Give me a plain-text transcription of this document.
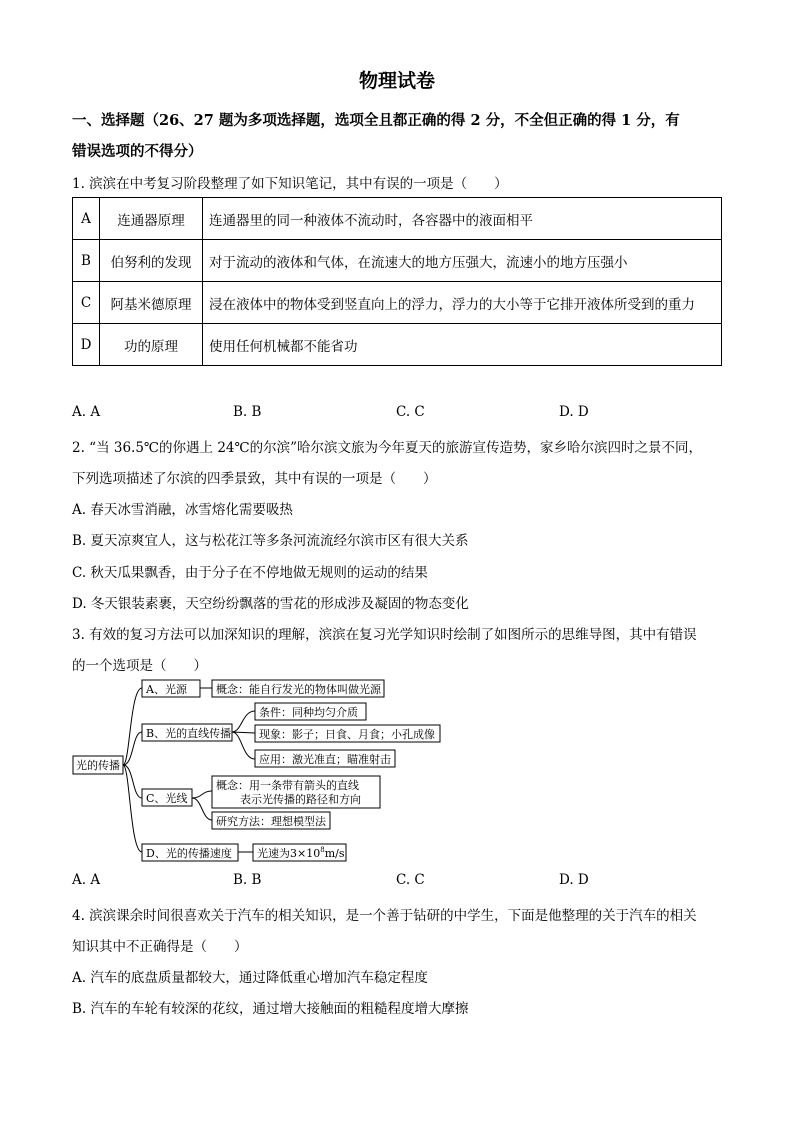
物理试卷
一、选择题（26、27 题为多项选择题，选项全且都正确的得 2 分，不全但正确的得 1 分，有
错误选项的不得分）
1. 滨滨在中考复习阶段整理了如下知识笔记，其中有误的一项是（　　）
A	连通器原理	连通器里的同一种液体不流动时，各容器中的液面相平
B	伯努利的发现	对于流动的液体和气体，在流速大的地方压强大，流速小的地方压强小
C	阿基米德原理	浸在液体中的物体受到竖直向上的浮力，浮力的大小等于它排开液体所受到的重力
D	功的原理	使用任何机械都不能省功
A. A	B. B	C. C	D. D
2. “当 36.5℃的你遇上 24℃的尔滨”哈尔滨文旅为今年夏天的旅游宣传造势，家乡哈尔滨四时之景不同，
下列选项描述了尔滨的四季景致，其中有误的一项是（　　）
A. 春天冰雪消融，冰雪熔化需要吸热
B. 夏天凉爽宜人，这与松花江等多条河流流经尔滨市区有很大关系
C. 秋天瓜果飘香，由于分子在不停地做无规则的运动的结果
D. 冬天银装素裹，天空纷纷飘落的雪花的形成涉及凝固的物态变化
3. 有效的复习方法可以加深知识的理解，滨滨在复习光学知识时绘制了如图所示的思维导图，其中有错误
的一个选项是（　　）
光的传播
A、光源	概念：能自行发光的物体叫做光源
B、光的直线传播
条件：同种均匀介质
现象：影子；日食、月食；小孔成像
应用：激光准直；瞄准射击
C、光线
概念：用一条带有箭头的直线
表示光传播的路径和方向
研究方法：理想模型法
D、光的传播速度 光速为$3\times 10^8m/s$
A. A	B. B	C. C	D. D
4. 滨滨课余时间很喜欢关于汽车的相关知识，是一个善于钻研的中学生，下面是他整理的关于汽车的相关
知识其中不正确得是（　　）
A. 汽车的底盘质量都较大，通过降低重心增加汽车稳定程度
B. 汽车的车轮有较深的花纹，通过增大接触面的粗糙程度增大摩擦
